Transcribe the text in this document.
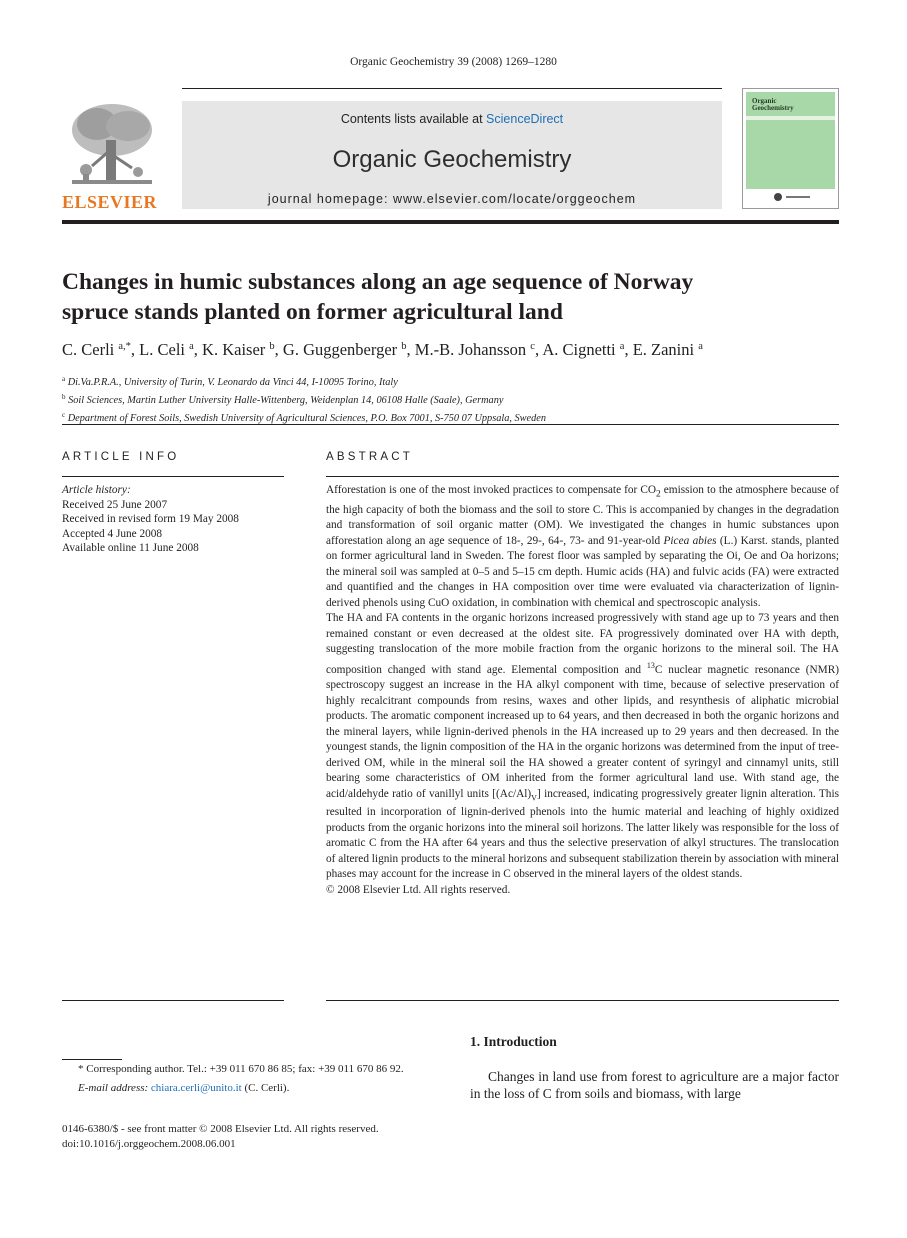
Organic Geochemistry 39 (2008) 1269–1280
ELSEVIER
Contents lists available at ScienceDirect
Organic Geochemistry
journal homepage: www.elsevier.com/locate/orggeochem
Organic
Geochemistry
Changes in humic substances along an age sequence of Norway
spruce stands planted on former agricultural land
C. Cerli $^{a,*}$, L. Celi $^a$, K. Kaiser $^b$, G. Guggenberger $^b$, M.-B. Johansson $^c$, A. Cignetti $^a$, E. Zanini $^a$
$^a$ Di.Va.P.R.A., University of Turin, V. Leonardo da Vinci 44, I-10095 Torino, Italy
$^b$ Soil Sciences, Martin Luther University Halle-Wittenberg, Weidenplan 14, 06108 Halle (Saale), Germany
$^c$ Department of Forest Soils, Swedish University of Agricultural Sciences, P.O. Box 7001, S-750 07 Uppsala, Sweden
ARTICLE INFO	ABSTRACT
Article history:
Received 25 June 2007
Received in revised form 19 May 2008
Accepted 4 June 2008
Available online 11 June 2008

Afforestation is one of the most invoked practices to compensate for $CO_2$ emission to the atmosphere because of the high capacity of both the biomass and the soil to store C. This is accompanied by changes in the degradation and transformation of soil organic matter (OM). We investigated the changes in humic substances upon afforestation along an age sequence of 18-, 29-, 64-, 73- and 91-year-old Picea abies (L.) Karst. stands, planted on former agricultural land in Sweden. The forest floor was sampled by separating the Oi, Oe and Oa horizons; the mineral soil was sampled at 0–5 and 5–15 cm depth. Humic acids (HA) and fulvic acids (FA) were extracted and quantified and the changes in HA composition over time were evaluated via characterization of lignin-derived phenols using CuO oxidation, in combination with chemical and spectroscopic analysis.

The HA and FA contents in the organic horizons increased progressively with stand age up to 73 years and then remained constant or even decreased at the oldest site. FA progressively dominated over HA with depth, suggesting translocation of the more mobile fraction from the organic horizons to the mineral soil. The HA composition changed with stand age. Elemental composition and $^{13}$C nuclear magnetic resonance (NMR) spectroscopy suggest an increase in the HA alkyl component with time, because of selective preservation of highly recalcitrant compounds from resins, waxes and other lipids, and resynthesis of aliphatic microbial products. The aromatic component increased up to 64 years, and then decreased in both the organic horizons and the mineral layers, while lignin-derived phenols in the HA increased up to 29 years and then decreased. In the youngest stands, the lignin composition of the HA in the organic horizons was determined from the input of tree-derived OM, while in the mineral soil the HA showed a greater content of syringyl and cinnamyl units, still bearing some characteristics of OM inherited from the former agricultural land use. With stand age, the acid/aldehyde ratio of vanillyl units $[(Ac/Al)_V]$ increased, indicating progressively greater lignin alteration. This resulted in incorporation of lignin-derived phenols into the humic material and leaching of highly oxidized products from the organic horizons into the mineral soil horizons. The latter likely was responsible for the loss of aromatic C from the HA after 64 years and thus the selective preservation of alkyl structures. The translocation of altered lignin products to the mineral horizons and subsequent stabilization therein by association with mineral phases may account for the increase in C observed in the mineral layers of the oldest stands.

© 2008 Elsevier Ltd. All rights reserved.

1. Introduction
Changes in land use from forest to agriculture are a major factor in the loss of C from soils and biomass, with large
* Corresponding author. Tel.: +39 011 670 86 85; fax: +39 011 670 86 92.
E-mail address: chiara.cerli@unito.it (C. Cerli).
0146-6380/$ - see front matter © 2008 Elsevier Ltd. All rights reserved.
doi:10.1016/j.orggeochem.2008.06.001
